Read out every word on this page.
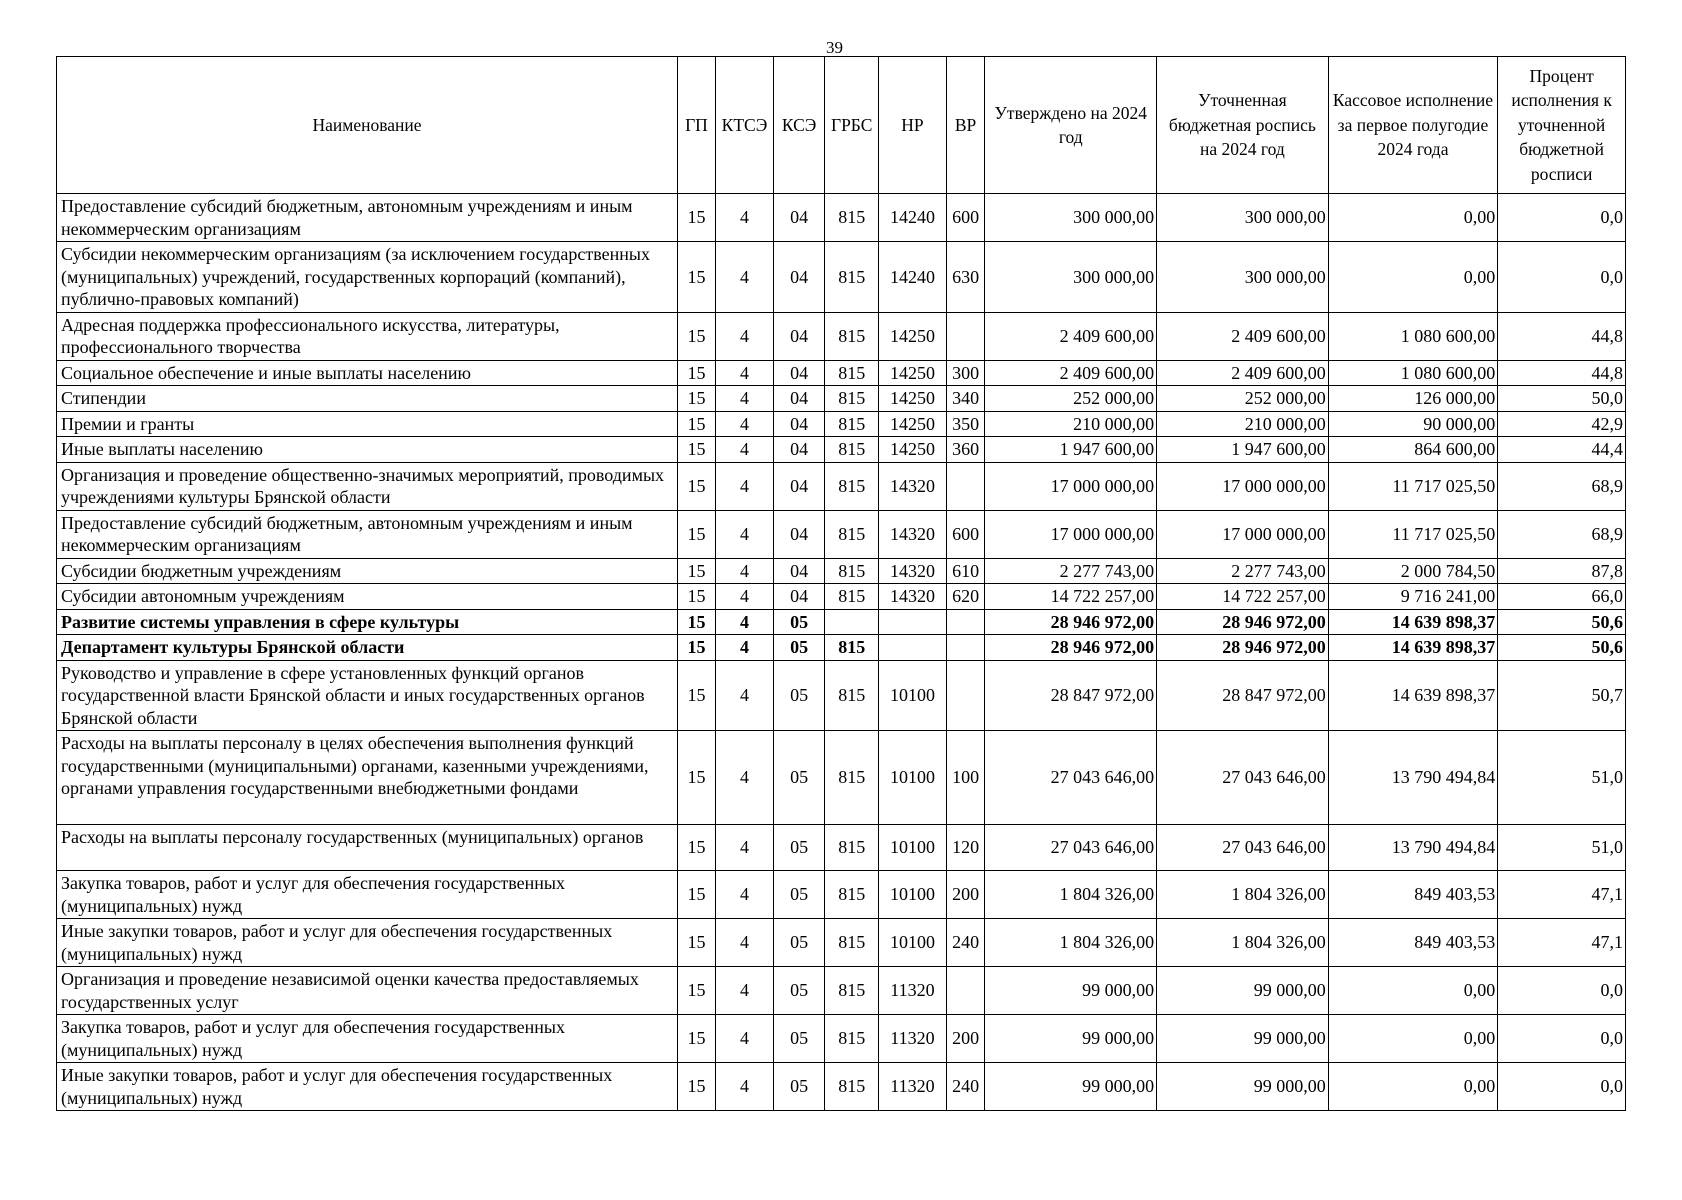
39
Наименование	ГП	КТСЭ	КСЭ	ГРБС	НР	ВР	Утверждено на 2024 год	Уточненная бюджетная роспись на 2024 год	Кассовое исполнение за первое полугодие 2024 года	Процент исполнения к уточненной бюджетной росписи
Предоставление субсидий бюджетным, автономным учреждениям и иным некоммерческим организациям	15	4	04	815	14240	600	300 000,00	300 000,00	0,00	0,0
Субсидии некоммерческим организациям (за исключением государственных (муниципальных) учреждений, государственных корпораций (компаний), публично-правовых компаний)	15	4	04	815	14240	630	300 000,00	300 000,00	0,00	0,0
Адресная поддержка профессионального искусства, литературы, профессионального творчества	15	4	04	815	14250		2 409 600,00	2 409 600,00	1 080 600,00	44,8
Социальное обеспечение и иные выплаты населению	15	4	04	815	14250	300	2 409 600,00	2 409 600,00	1 080 600,00	44,8
Стипендии	15	4	04	815	14250	340	252 000,00	252 000,00	126 000,00	50,0
Премии и гранты	15	4	04	815	14250	350	210 000,00	210 000,00	90 000,00	42,9
Иные выплаты населению	15	4	04	815	14250	360	1 947 600,00	1 947 600,00	864 600,00	44,4
Организация и проведение общественно-значимых мероприятий, проводимых учреждениями культуры Брянской области	15	4	04	815	14320		17 000 000,00	17 000 000,00	11 717 025,50	68,9
Предоставление субсидий бюджетным, автономным учреждениям и иным некоммерческим организациям	15	4	04	815	14320	600	17 000 000,00	17 000 000,00	11 717 025,50	68,9
Субсидии бюджетным учреждениям	15	4	04	815	14320	610	2 277 743,00	2 277 743,00	2 000 784,50	87,8
Субсидии автономным учреждениям	15	4	04	815	14320	620	14 722 257,00	14 722 257,00	9 716 241,00	66,0
Развитие системы управления в сфере культуры	15	4	05				28 946 972,00	28 946 972,00	14 639 898,37	50,6
Департамент культуры Брянской области	15	4	05	815			28 946 972,00	28 946 972,00	14 639 898,37	50,6
Руководство и управление в сфере установленных функций органов государственной власти Брянской области и иных государственных органов Брянской области	15	4	05	815	10100		28 847 972,00	28 847 972,00	14 639 898,37	50,7
Расходы на выплаты персоналу в целях обеспечения выполнения функций государственными (муниципальными) органами, казенными учреждениями, органами управления государственными внебюджетными фондами	15	4	05	815	10100	100	27 043 646,00	27 043 646,00	13 790 494,84	51,0
Расходы на выплаты персоналу государственных (муниципальных) органов	15	4	05	815	10100	120	27 043 646,00	27 043 646,00	13 790 494,84	51,0
Закупка товаров, работ и услуг для обеспечения государственных (муниципальных) нужд	15	4	05	815	10100	200	1 804 326,00	1 804 326,00	849 403,53	47,1
Иные закупки товаров, работ и услуг для обеспечения государственных (муниципальных) нужд	15	4	05	815	10100	240	1 804 326,00	1 804 326,00	849 403,53	47,1
Организация и проведение независимой оценки качества предоставляемых государственных услуг	15	4	05	815	11320		99 000,00	99 000,00	0,00	0,0
Закупка товаров, работ и услуг для обеспечения государственных (муниципальных) нужд	15	4	05	815	11320	200	99 000,00	99 000,00	0,00	0,0
Иные закупки товаров, работ и услуг для обеспечения государственных (муниципальных) нужд	15	4	05	815	11320	240	99 000,00	99 000,00	0,00	0,0
